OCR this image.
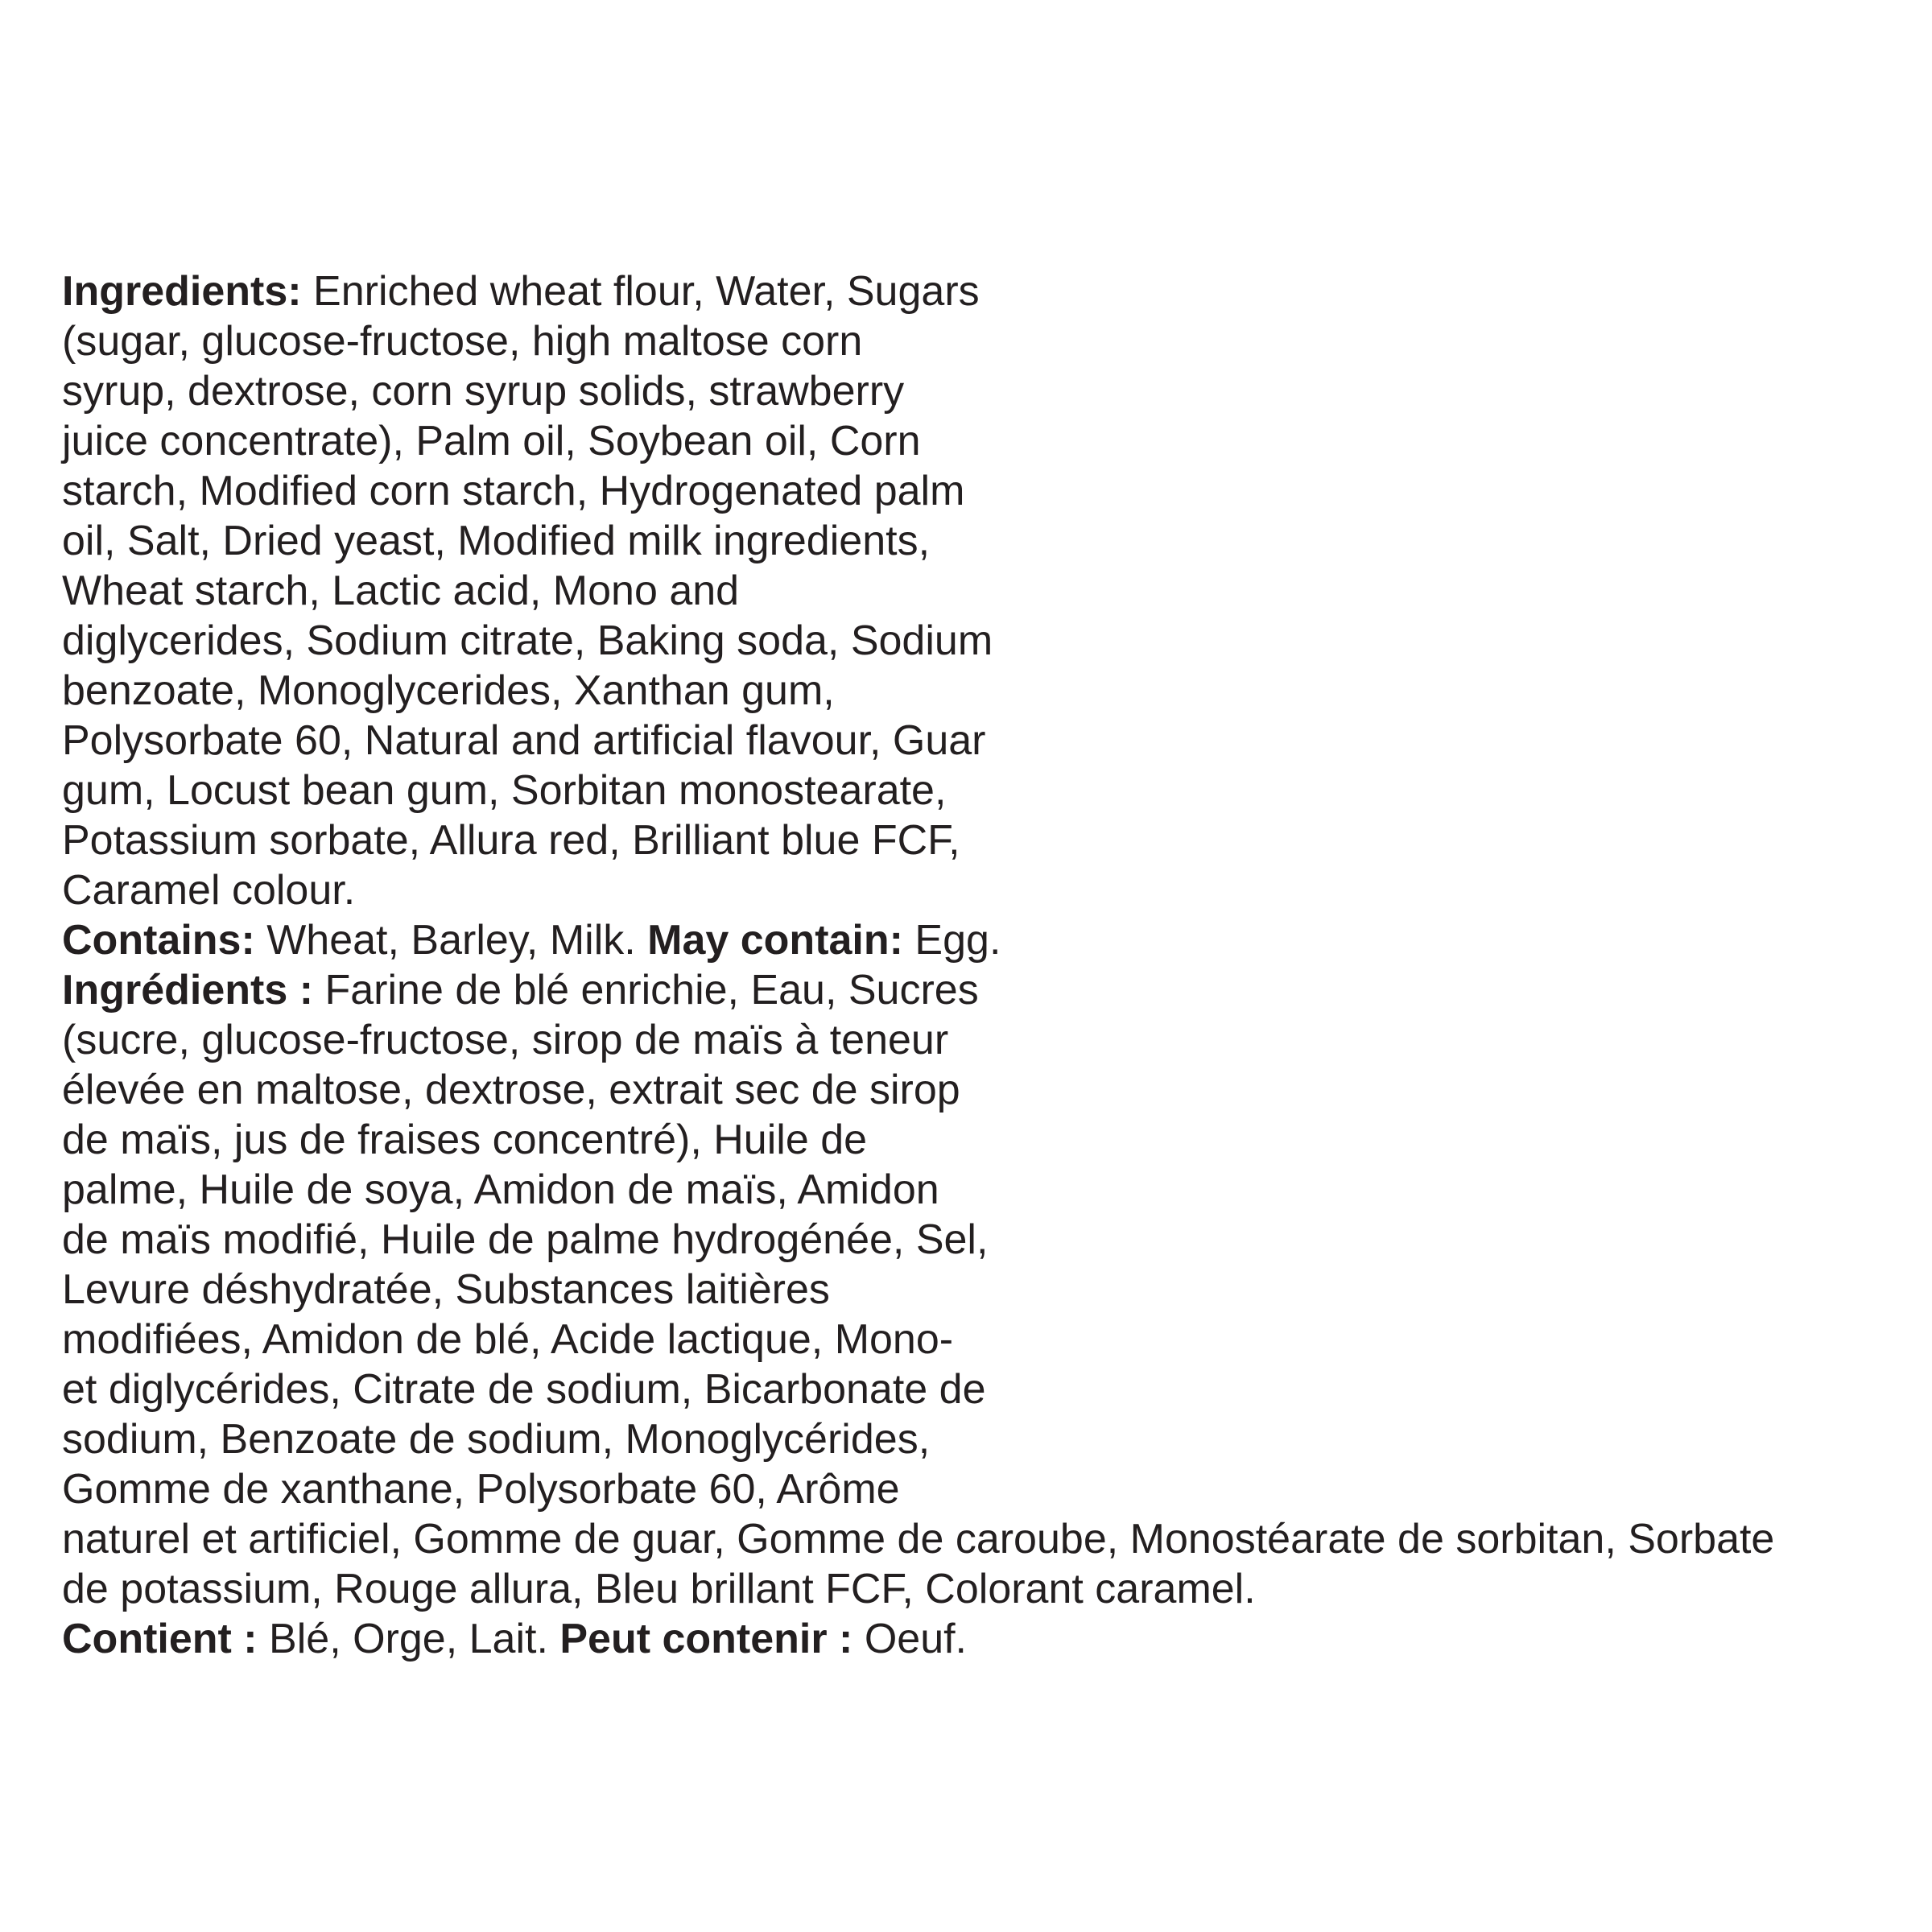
Ingredients: Enriched wheat flour, Water, Sugars
(sugar, glucose-fructose, high maltose corn
syrup, dextrose, corn syrup solids, strawberry
juice concentrate), Palm oil, Soybean oil, Corn
starch, Modified corn starch, Hydrogenated palm
oil, Salt, Dried yeast, Modified milk ingredients,
Wheat starch, Lactic acid, Mono and
diglycerides, Sodium citrate, Baking soda, Sodium
benzoate, Monoglycerides, Xanthan gum,
Polysorbate 60, Natural and artificial flavour, Guar
gum, Locust bean gum, Sorbitan monostearate,
Potassium sorbate, Allura red, Brilliant blue FCF,
Caramel colour.
Contains: Wheat, Barley, Milk. May contain: Egg.
Ingrédients : Farine de blé enrichie, Eau, Sucres
(sucre, glucose-fructose, sirop de maïs à teneur
élevée en maltose, dextrose, extrait sec de sirop
de maïs, jus de fraises concentré), Huile de
palme, Huile de soya, Amidon de maïs, Amidon
de maïs modifié, Huile de palme hydrogénée, Sel,
Levure déshydratée, Substances laitières
modifiées, Amidon de blé, Acide lactique, Mono-
et diglycérides, Citrate de sodium, Bicarbonate de
sodium, Benzoate de sodium, Monoglycérides,
Gomme de xanthane, Polysorbate 60, Arôme
naturel et artificiel, Gomme de guar, Gomme de caroube, Monostéarate de sorbitan, Sorbate
de potassium, Rouge allura, Bleu brillant FCF, Colorant caramel.
Contient : Blé, Orge, Lait. Peut contenir : Oeuf.
